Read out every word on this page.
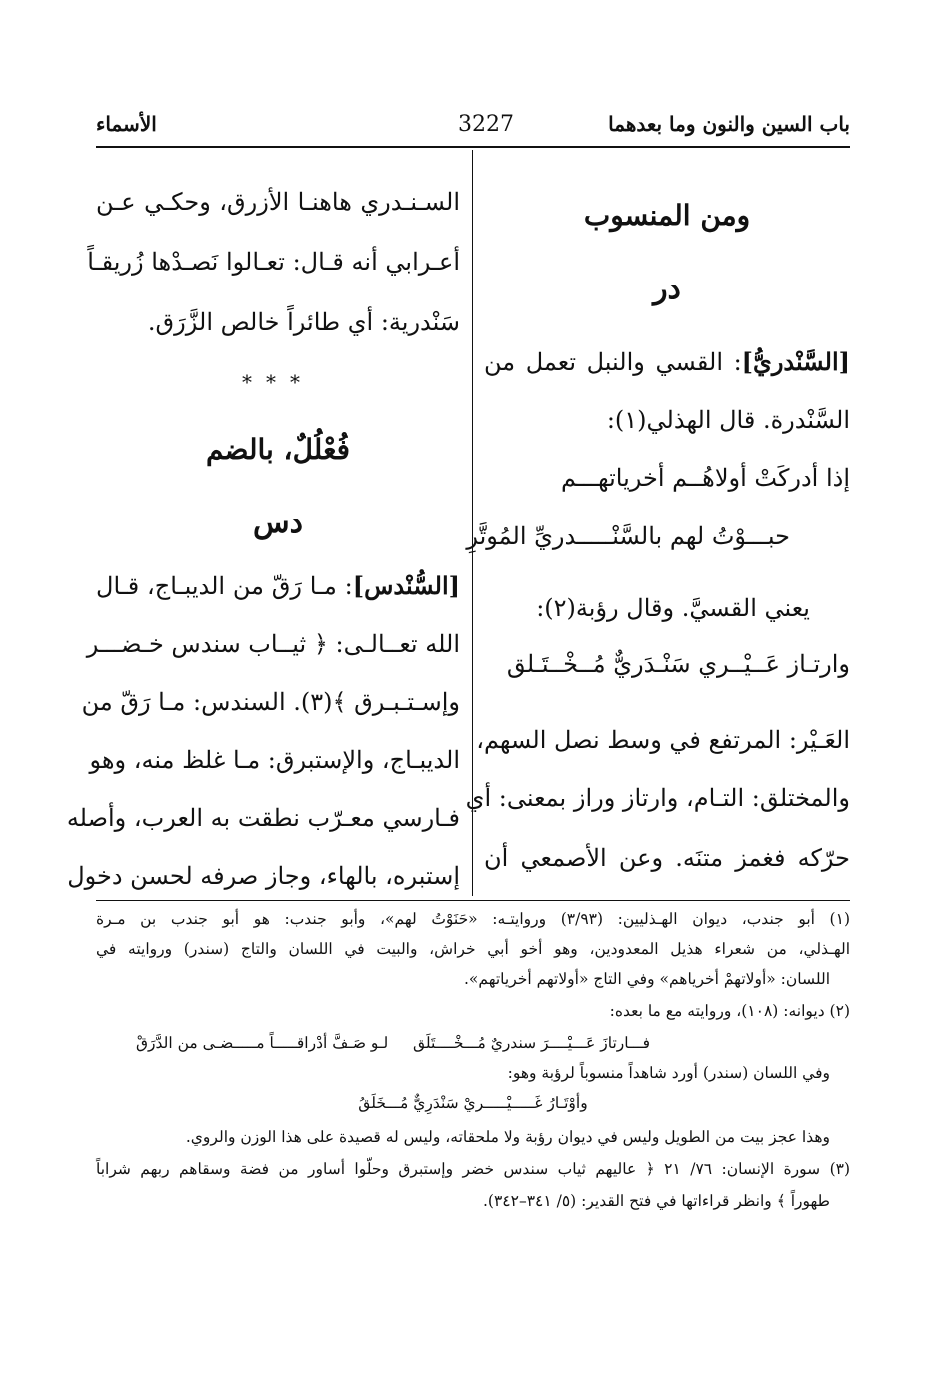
باب السين والنون وما بعدهما
3227
الأسماء
ومن المنسوب
در
[السَّنْدريُّ]: القسي والنبل تعمل من
السَّنْدرة. قال الهذلي(١):
إذا أدركَتْ أولاهُــم أخرياتهـــم
حبـــوْتُ لهم بالسَّنْـــــدريِّ المُوتَّرِ
يعني القسيَّ. وقال رؤبة(٢):
وارتـاز عَــيْــري سَنْـدَريٌّ مُــخْــتَـلق
العَـيْر: المرتفع في وسط نصل السهم،
والمختلق: التـام، وارتاز وراز بمعنى: أي
حرّكه فغمز متنَه. وعن الأصمعي أن
السـنـدري هاهنـا الأزرق، وحكـي عـن
أعـرابي أنه قـال: تعـالوا نَصـدْها زُريقـاً
سَنْدرية: أي طائراً خالص الزَّرَق.
***
فُعْلُلٌ، بالضم
دس
[السُّنْدس]: مـا رَقّ من الديبـاج، قـال
الله تعــالـى: ﴿ ثيــاب سندس خـضـــر
وإسـتـبـرق ﴾(٣). السندس: مـا رَقّ من
الديبـاج، والإستبرق: مـا غلظ منه، وهو
فـارسي معـرّب نطقت به العرب، وأصله
إستبره، بالهاء، وجاز صرفه لحسن دخول
(١) أبو جندب، ديوان الهـذليين: (٣/٩٣) وروايتـه: «حَنَوْتُ لهم»، وأبو جندب: هو أبو جندب بن مـرة
الهـذلي، من شعراء هذيل المعدودين، وهو أخو أبي خراش، والبيت في اللسان والتاج (سندر) وروايته في
اللسان: «أولاتهمْ أخرياهم» وفي التاج «أولاتهم أخرياتهم».
(٢) ديوانه: (١٠٨)، وروايته مع ما بعده:
فـــارتازَ عَـــيْــــرَ سندريٌ مُـــخْــــتَلَق
لـو صَـفَّ أدْراقـــــاً مـــــضـى من الدَّرَقْ
وفي اللسان (سندر) أورد شاهداً منسوباً لرؤبة وهو:
وأوْتَـارُ غَـــــيْـــــريْ سَنْدَرِيٌّ مُـــخَلَقُ
وهذا عجز بيت من الطويل وليس في ديوان رؤبة ولا ملحقاته، وليس له قصيدة على هذا الوزن والروي.
(٣) سورة الإنسان: ٧٦/ ٢١ ﴿ عاليهم ثياب سندس خضر وإستبرق وحلّوا أساور من فضة وسقاهم ربهم شراباً
طهوراً ﴾ وانظر قراءاتها في فتح القدير: (٥/ ٣٤١–٣٤٢).
